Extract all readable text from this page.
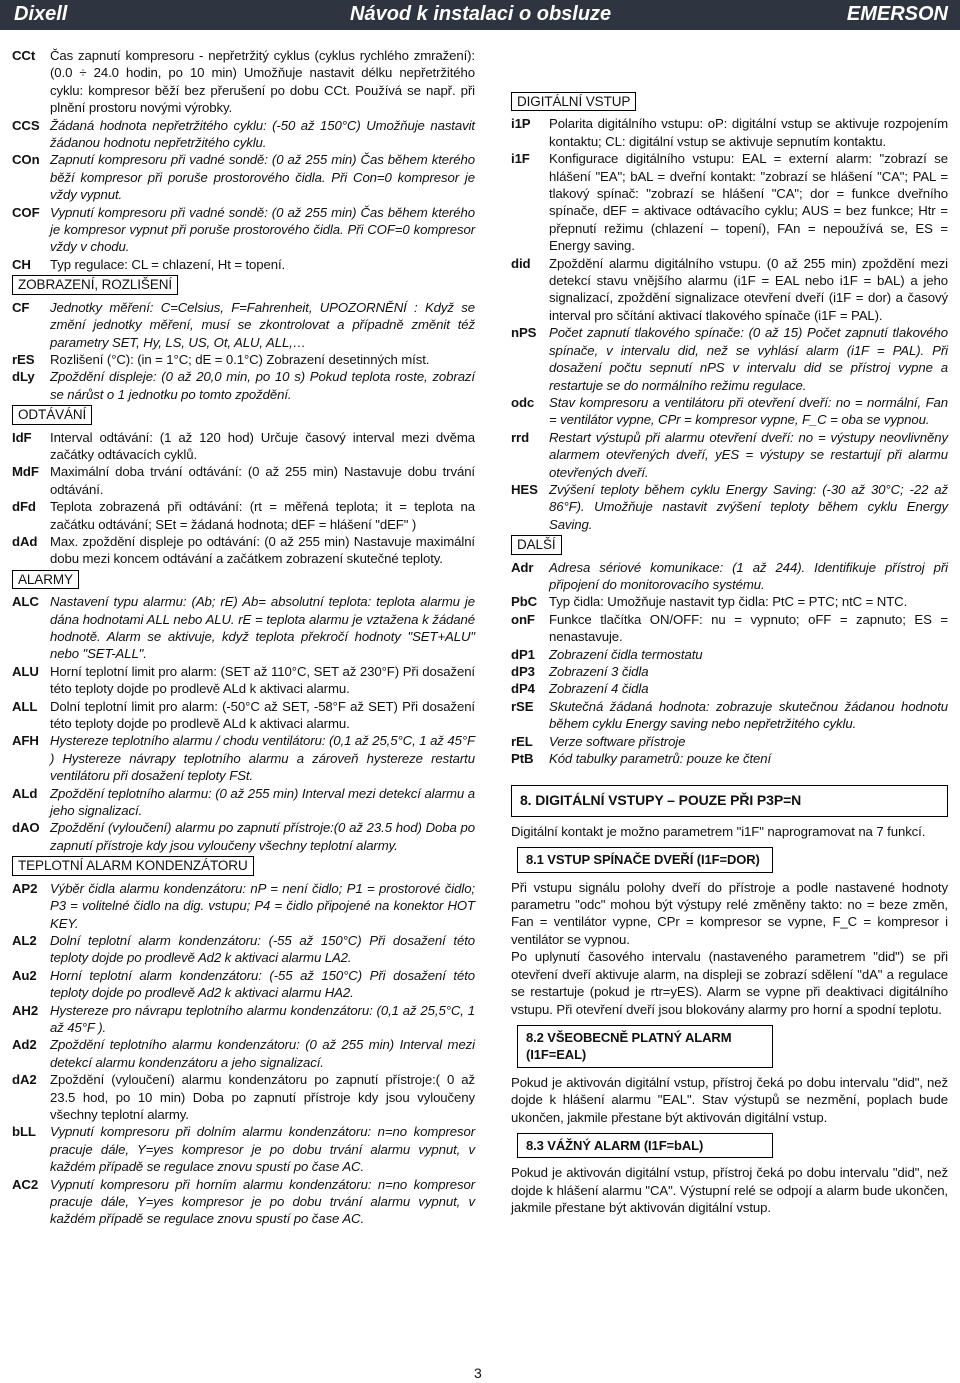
Dixell	Návod k instalaci o obsluze	EMERSON
CCt	Čas zapnutí kompresoru - nepřetržitý cyklus (cyklus rychlého zmražení): (0.0 ÷ 24.0 hodin, po 10 min) Umožňuje nastavit délku nepřetržitého cyklu: kompresor běží bez přerušení po dobu CCt. Používá se např. při plnění prostoru novými výrobky.
CCS Žádaná hodnota nepřetržitého cyklu: (-50 až 150°C) Umožňuje nastavit žádanou hodnotu nepřetržitého cyklu.
COn Zapnutí kompresoru při vadné sondě: (0 až 255 min) Čas během kterého běží kompresor při poruše prostorového čidla. Při Con=0 kompresor je vždy vypnut.
COF Vypnutí kompresoru při vadné sondě: (0 až 255 min) Čas během kterého je kompresor vypnut při poruše prostorového čidla. Při COF=0 kompresor vždy v chodu.
CH	Typ regulace: CL = chlazení, Ht = topení.
ZOBRAZENÍ, ROZLIŠENÍ
CF	Jednotky měření: C=Celsius, F=Fahrenheit, UPOZORNĚNÍ : Když se změní jednotky měření, musí se zkontrolovat a případně změnit též parametry SET, Hy, LS, US, Ot, ALU, ALL,…
rES	Rozlišení (°C): (in = 1°C; dE = 0.1°C) Zobrazení desetinných míst.
dLy	Zpoždění displeje: (0 až 20,0 min, po 10 s) Pokud teplota roste, zobrazí se nárůst o 1 jednotku po tomto zpoždění.
ODTÁVÁNÍ
IdF	Interval odtávání: (1 až 120 hod) Určuje časový interval mezi dvěma začátky odtávacích cyklů.
MdF Maximální doba trvání odtávání: (0 až 255 min) Nastavuje dobu trvání odtávání.
dFd	Teplota zobrazená při odtávání: (rt = měřená teplota; it = teplota na začátku odtávání; SEt = žádaná hodnota; dEF = hlášení "dEF" )
dAd Max. zpoždění displeje po odtávání: (0 až 255 min) Nastavuje maximální dobu mezi koncem odtávání a začátkem zobrazení skutečné teploty.
ALARMY
ALC Nastavení typu alarmu: (Ab; rE) Ab= absolutní teplota: teplota alarmu je dána hodnotami ALL nebo ALU. rE = teplota alarmu je vztažena k žádané hodnotě. Alarm se aktivuje, když teplota překročí hodnoty "SET+ALU" nebo "SET-ALL".
ALU Horní teplotní limit pro alarm: (SET až 110°C, SET až 230°F) Při dosažení této teploty dojde po prodlevě ALd k aktivaci alarmu.
ALL Dolní teplotní limit pro alarm: (-50°C až SET, -58°F až SET) Při dosažení této teploty dojde po prodlevě ALd k aktivaci alarmu.
AFH Hystereze teplotního alarmu / chodu ventilátoru: (0,1 až 25,5°C, 1 až 45°F ) Hystereze návrapy teplotního alarmu a zároveň hystereze restartu ventilátoru při dosažení teploty FSt.
ALd Zpoždění teplotního alarmu: (0 až 255 min) Interval mezi detekcí alarmu a jeho signalizací.
dAO Zpoždění (vyloučení) alarmu po zapnutí přístroje:(0 až 23.5 hod) Doba po zapnutí přístroje kdy jsou vyloučeny všechny teplotní alarmy.
TEPLOTNÍ ALARM KONDENZÁTORU
AP2 Výběr čidla alarmu kondenzátoru: nP = není čidlo; P1 = prostorové čidlo; P3 = volitelné čidlo na dig. vstupu; P4 = čidlo připojené na konektor HOT KEY.
AL2	Dolní teplotní alarm kondenzátoru: (-55 až 150°C) Při dosažení této teploty dojde po prodlevě Ad2 k aktivaci alarmu LA2.
Au2	Horní teplotní alarm kondenzátoru: (-55 až 150°C) Při dosažení této teploty dojde po prodlevě Ad2 k aktivaci alarmu HA2.
AH2 Hystereze pro návrapu teplotního alarmu kondenzátoru: (0,1 až 25,5°C, 1 až 45°F ).
Ad2	Zpoždění teplotního alarmu kondenzátoru: (0 až 255 min) Interval mezi detekcí alarmu kondenzátoru a jeho signalizací.
dA2	Zpoždění (vyloučení) alarmu kondenzátoru po zapnutí přístroje:( 0 až 23.5 hod, po 10 min) Doba po zapnutí přístroje kdy jsou vyloučeny všechny teplotní alarmy.
bLL	Vypnutí kompresoru při dolním alarmu kondenzátoru: n=no kompresor pracuje dále, Y=yes kompresor je po dobu trvání alarmu vypnut, v každém případě se regulace znovu spustí po čase AC.
AC2 Vypnutí kompresoru při horním alarmu kondenzátoru: n=no kompresor pracuje dále, Y=yes kompresor je po dobu trvání alarmu vypnut, v každém případě se regulace znovu spustí po čase AC.
DIGITÁLNÍ VSTUP
i1P	Polarita digitálního vstupu: oP: digitální vstup se aktivuje rozpojením kontaktu; CL: digitální vstup se aktivuje sepnutím kontaktu.
i1F	Konfigurace digitálního vstupu: EAL = externí alarm: "zobrazí se hlášení "EA"; bAL = dveřní kontakt: "zobrazí se hlášení "CA"; PAL = tlakový spínač: "zobrazí se hlášení "CA"; dor = funkce dveřního spínače, dEF = aktivace odtávacího cyklu; AUS = bez funkce; Htr = přepnutí režimu (chlazení – topení), FAn = nepoužívá se, ES = Energy saving.
did	Zpoždění alarmu digitálního vstupu. (0 až 255 min) zpoždění mezi detekcí stavu vnějšího alarmu (i1F = EAL nebo i1F = bAL) a jeho signalizací, zpoždění signalizace otevření dveří (i1F = dor) a časový interval pro sčítání aktivací tlakového spínače (i1F = PAL).
nPS Počet zapnutí tlakového spínače: (0 až 15) Počet zapnutí tlakového spínače, v intervalu did, než se vyhlásí alarm (i1F = PAL). Při dosažení počtu sepnutí nPS v intervalu did se přístroj vypne a restartuje se do normálního režimu regulace.
odc	Stav kompresoru a ventilátoru při otevření dveří: no = normální, Fan = ventilátor vypne, CPr = kompresor vypne, F_C = oba se vypnou.
rrd	Restart výstupů při alarmu otevření dveří: no = výstupy neovlivněny alarmem otevřených dveří, yES = výstupy se restartují při alarmu otevřených dveří.
HES Zvýšení teploty během cyklu Energy Saving: (-30 až 30°C; -22 až 86°F). Umožňuje nastavit zvýšení teploty během cyklu Energy Saving.
DALŠÍ
Adr	Adresa sériové komunikace: (1 až 244). Identifikuje přístroj při připojení do monitorovacího systému.
PbC Typ čidla: Umožňuje nastavit typ čidla: PtC = PTC; ntC = NTC.
onF	Funkce tlačítka ON/OFF: nu = vypnuto; oFF = zapnuto; ES = nenastavuje.
dP1	Zobrazení čidla termostatu
dP3	Zobrazení 3 čidla
dP4	Zobrazení 4 čidla
rSE	Skutečná žádaná hodnota: zobrazuje skutečnou žádanou hodnotu během cyklu Energy saving nebo nepřetržitého cyklu.
rEL	Verze software přístroje
PtB	Kód tabulky parametrů: pouze ke čtení
8. DIGITÁLNÍ VSTUPY – POUZE PŘI P3P=N

Digitální kontakt je možno parametrem "i1F" naprogramovat na 7 funkcí.

8.1 VSTUP SPÍNAČE DVEŘÍ (I1F=DOR)

Při vstupu signálu polohy dveří do přístroje a podle nastavené hodnoty parametru "odc" mohou být výstupy relé změněny takto: no = beze změn, Fan = ventilátor vypne, CPr = kompresor se vypne, F_C = kompresor i ventilátor se vypnou.

Po uplynutí časového intervalu (nastaveného parametrem "did") se při otevření dveří aktivuje alarm, na displeji se zobrazí sdělení "dA" a regulace se restartuje (pokud je rtr=yES). Alarm se vypne při deaktivaci digitálního vstupu. Při otevření dveří jsou blokovány alarmy pro horní a spodní teplotu.

8.2 VŠEOBECNĚ PLATNÝ ALARM (I1F=EAL)

Pokud je aktivován digitální vstup, přístroj čeká po dobu intervalu "did", než dojde k hlášení alarmu "EAL". Stav výstupů se nezmění, poplach bude ukončen, jakmile přestane být aktivován digitální vstup.

8.3 VÁŽNÝ ALARM (I1F=bAL)

Pokud je aktivován digitální vstup, přístroj čeká po dobu intervalu "did", než dojde k hlášení alarmu "CA". Výstupní relé se odpojí a alarm bude ukončen, jakmile přestane být aktivován digitální vstup.

3
